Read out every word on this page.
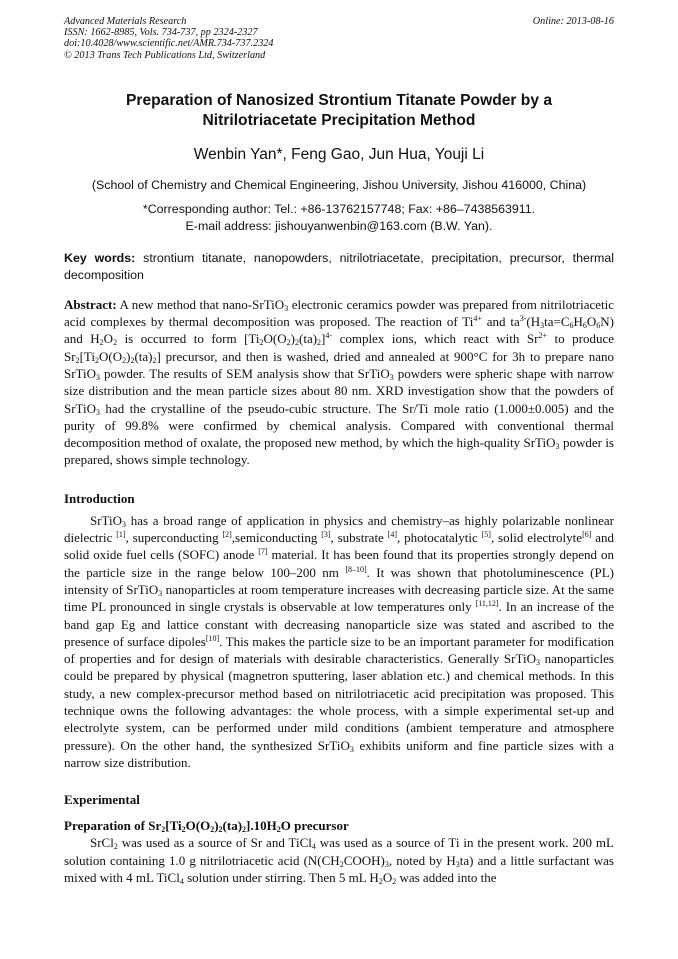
Advanced Materials Research
ISSN: 1662-8985, Vols. 734-737, pp 2324-2327
doi:10.4028/www.scientific.net/AMR.734-737.2324
© 2013 Trans Tech Publications Ltd, Switzerland
Online: 2013-08-16
Preparation of Nanosized Strontium Titanate Powder by a Nitrilotriacetate Precipitation Method
Wenbin Yan*, Feng Gao, Jun Hua, Youji Li
(School of Chemistry and Chemical Engineering, Jishou University, Jishou 416000, China)
*Corresponding author: Tel.: +86-13762157748; Fax: +86–7438563911.
E-mail address: jishouyanwenbin@163.com (B.W. Yan).
Key words: strontium titanate, nanopowders, nitrilotriacetate, precipitation, precursor, thermal decomposition

Abstract: A new method that nano-SrTiO$_3$ electronic ceramics powder was prepared from nitrilotriacetic acid complexes by thermal decomposition was proposed. The reaction of $Ti^{4+}$ and $ta^{3-}(H_3ta=C_6H_6O_6N)$ and $H_2O_2$ is occurred to form $[Ti_2O(O_2)_2(ta)_2]^{4-}$ complex ions, which react with $Sr^{2+}$ to produce $Sr_2[Ti_2O(O_2)_2(ta)_2]$ precursor, and then is washed, dried and annealed at 900°C for 3h to prepare nano SrTiO$_3$ powder. The results of SEM analysis show that SrTiO$_3$ powders were spheric shape with narrow size distribution and the mean particle sizes about 80 nm. XRD investigation show that the powders of SrTiO$_3$ had the crystalline of the pseudo-cubic structure. The Sr/Ti mole ratio (1.000±0.005) and the purity of 99.8% were confirmed by chemical analysis. Compared with conventional thermal decomposition method of oxalate, the proposed new method, by which the high-quality SrTiO$_3$ powder is prepared, shows simple technology.

Introduction

SrTiO$_3$ has a broad range of application in physics and chemistry–as highly polarizable nonlinear dielectric [1], superconducting [2],semiconducting [3], substrate [4], photocatalytic [5], solid electrolyte[6] and solid oxide fuel cells (SOFC) anode [7] material. It has been found that its properties strongly depend on the particle size in the range below 100–200 nm [8–10]. It was shown that photoluminescence (PL) intensity of SrTiO$_3$ nanoparticles at room temperature increases with decreasing particle size. At the same time PL pronounced in single crystals is observable at low temperatures only [11,12]. In an increase of the band gap Eg and lattice constant with decreasing nanoparticle size was stated and ascribed to the presence of surface dipoles[10]. This makes the particle size to be an important parameter for modification of properties and for design of materials with desirable characteristics. Generally SrTiO$_3$ nanoparticles could be prepared by physical (magnetron sputtering, laser ablation etc.) and chemical methods. In this study, a new complex-precursor method based on nitrilotriacetic acid precipitation was proposed. This technique owns the following advantages: the whole process, with a simple experimental set-up and electrolyte system, can be performed under mild conditions (ambient temperature and atmosphere pressure). On the other hand, the synthesized SrTiO$_3$ exhibits uniform and fine particle sizes with a narrow size distribution.

Experimental
Preparation of $Sr_2[Ti_2O(O_2)_2(ta)_2].10H_2O$ precursor

SrCl$_2$ was used as a source of Sr and TiCl$_4$ was used as a source of Ti in the present work. 200 mL solution containing 1.0 g nitrilotriacetic acid ($N(CH_2COOH)_3$, noted by $H_3ta$) and a little surfactant was mixed with 4 mL TiCl$_4$ solution under stirring. Then 5 mL $H_2O_2$ was added into the
